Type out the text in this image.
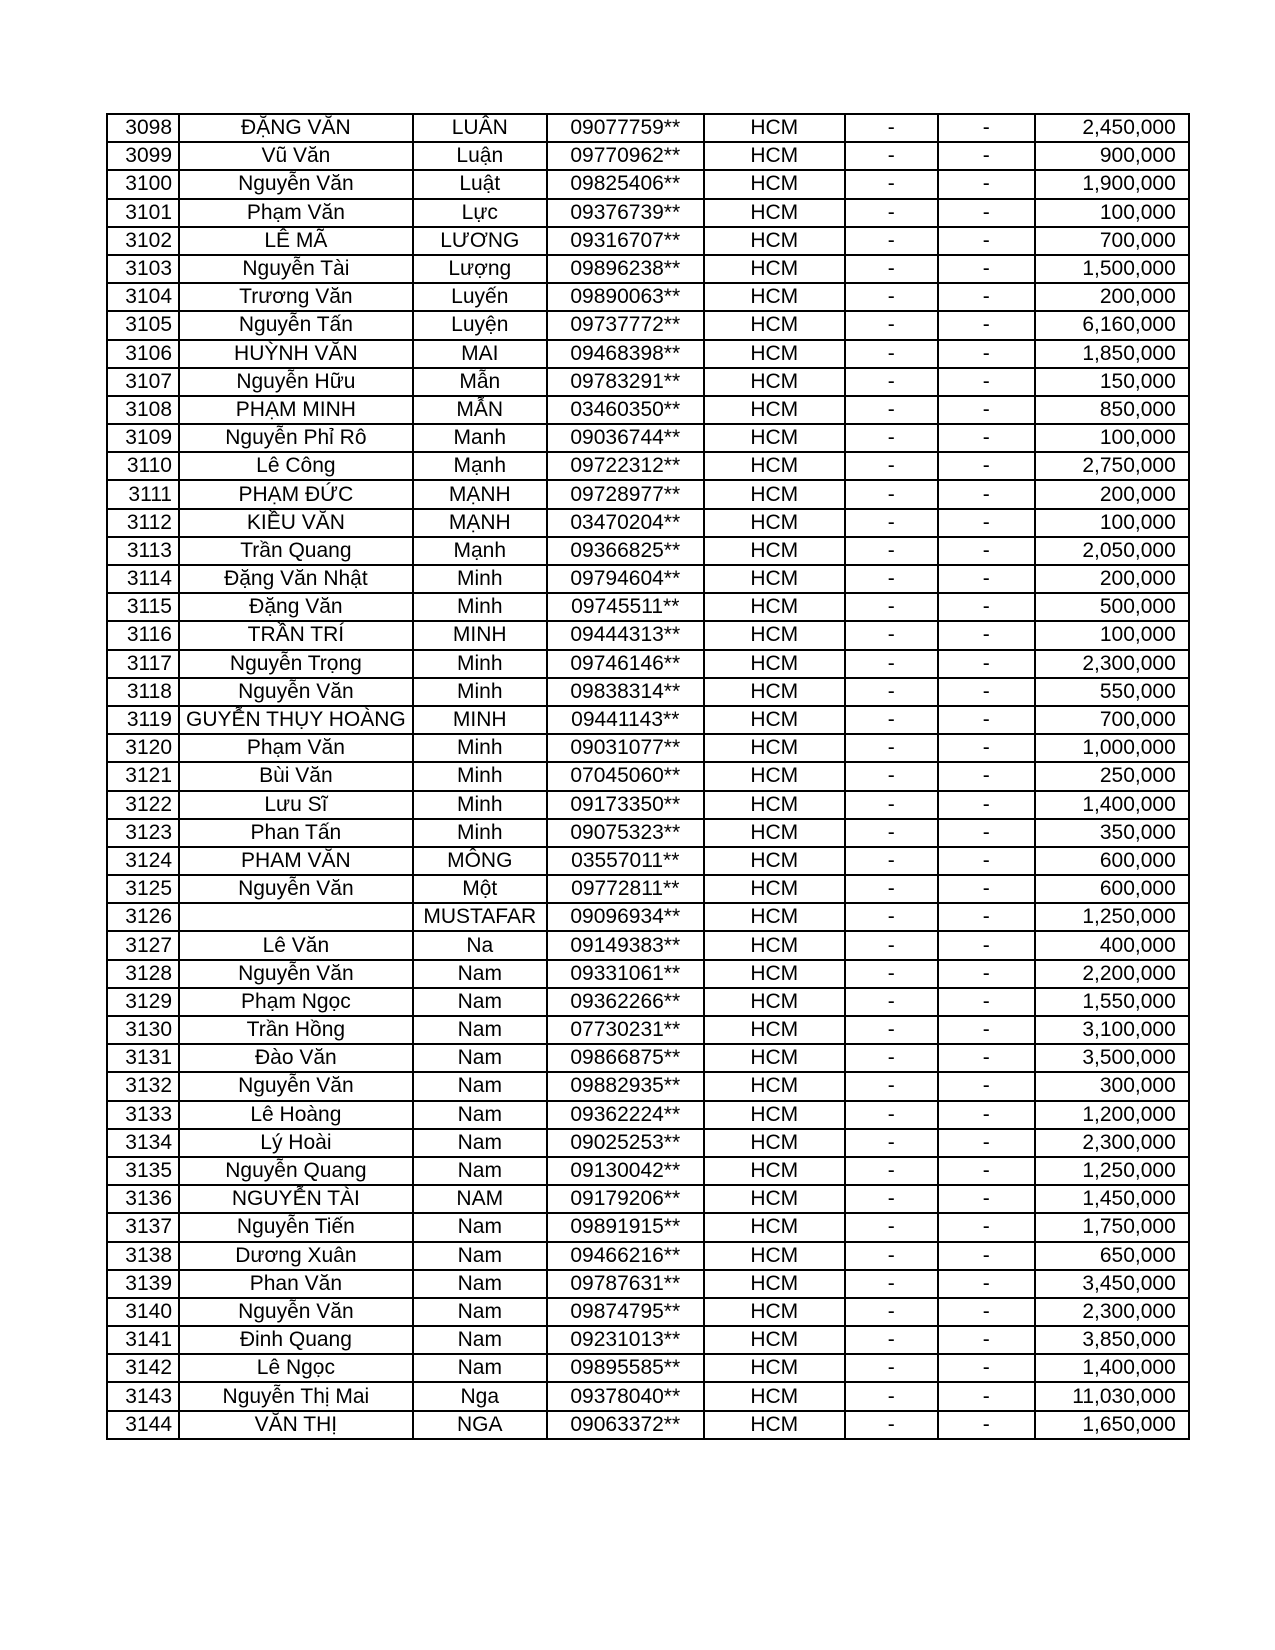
3098	ĐẶNG VĂN	LUÂN	09077759**	HCM	-	-	2,450,000
3099	Vũ Văn	Luận	09770962**	HCM	-	-	900,000
3100	Nguyễn Văn	Luật	09825406**	HCM	-	-	1,900,000
3101	Phạm Văn	Lực	09376739**	HCM	-	-	100,000
3102	LÊ MÃ	LƯƠNG	09316707**	HCM	-	-	700,000
3103	Nguyễn Tài	Lượng	09896238**	HCM	-	-	1,500,000
3104	Trương Văn	Luyến	09890063**	HCM	-	-	200,000
3105	Nguyễn Tấn	Luyện	09737772**	HCM	-	-	6,160,000
3106	HUỲNH VĂN	MAI	09468398**	HCM	-	-	1,850,000
3107	Nguyễn Hữu	Mẫn	09783291**	HCM	-	-	150,000
3108	PHẠM MINH	MẪN	03460350**	HCM	-	-	850,000
3109	Nguyễn Phỉ Rô	Manh	09036744**	HCM	-	-	100,000
3110	Lê Công	Mạnh	09722312**	HCM	-	-	2,750,000
3111	PHẠM ĐỨC	MẠNH	09728977**	HCM	-	-	200,000
3112	KIỀU VĂN	MẠNH	03470204**	HCM	-	-	100,000
3113	Trần Quang	Mạnh	09366825**	HCM	-	-	2,050,000
3114	Đặng Văn Nhật	Minh	09794604**	HCM	-	-	200,000
3115	Đặng Văn	Minh	09745511**	HCM	-	-	500,000
3116	TRẦN TRÍ	MINH	09444313**	HCM	-	-	100,000
3117	Nguyễn Trọng	Minh	09746146**	HCM	-	-	2,300,000
3118	Nguyễn Văn	Minh	09838314**	HCM	-	-	550,000
3119	GUYỄN THỤY HOÀNG	MINH	09441143**	HCM	-	-	700,000
3120	Phạm Văn	Minh	09031077**	HCM	-	-	1,000,000
3121	Bùi Văn	Minh	07045060**	HCM	-	-	250,000
3122	Lưu Sĩ	Minh	09173350**	HCM	-	-	1,400,000
3123	Phan Tấn	Minh	09075323**	HCM	-	-	350,000
3124	PHAM VĂN	MÔNG	03557011**	HCM	-	-	600,000
3125	Nguyễn Văn	Một	09772811**	HCM	-	-	600,000
3126		MUSTAFAR	09096934**	HCM	-	-	1,250,000
3127	Lê Văn	Na	09149383**	HCM	-	-	400,000
3128	Nguyễn Văn	Nam	09331061**	HCM	-	-	2,200,000
3129	Phạm Ngọc	Nam	09362266**	HCM	-	-	1,550,000
3130	Trần Hồng	Nam	07730231**	HCM	-	-	3,100,000
3131	Đào Văn	Nam	09866875**	HCM	-	-	3,500,000
3132	Nguyễn Văn	Nam	09882935**	HCM	-	-	300,000
3133	Lê Hoàng	Nam	09362224**	HCM	-	-	1,200,000
3134	Lý Hoài	Nam	09025253**	HCM	-	-	2,300,000
3135	Nguyễn Quang	Nam	09130042**	HCM	-	-	1,250,000
3136	NGUYỄN TÀI	NAM	09179206**	HCM	-	-	1,450,000
3137	Nguyễn Tiến	Nam	09891915**	HCM	-	-	1,750,000
3138	Dương Xuân	Nam	09466216**	HCM	-	-	650,000
3139	Phan Văn	Nam	09787631**	HCM	-	-	3,450,000
3140	Nguyễn Văn	Nam	09874795**	HCM	-	-	2,300,000
3141	Đinh Quang	Nam	09231013**	HCM	-	-	3,850,000
3142	Lê Ngọc	Nam	09895585**	HCM	-	-	1,400,000
3143	Nguyễn Thị Mai	Nga	09378040**	HCM	-	-	11,030,000
3144	VĂN THỊ	NGA	09063372**	HCM	-	-	1,650,000
